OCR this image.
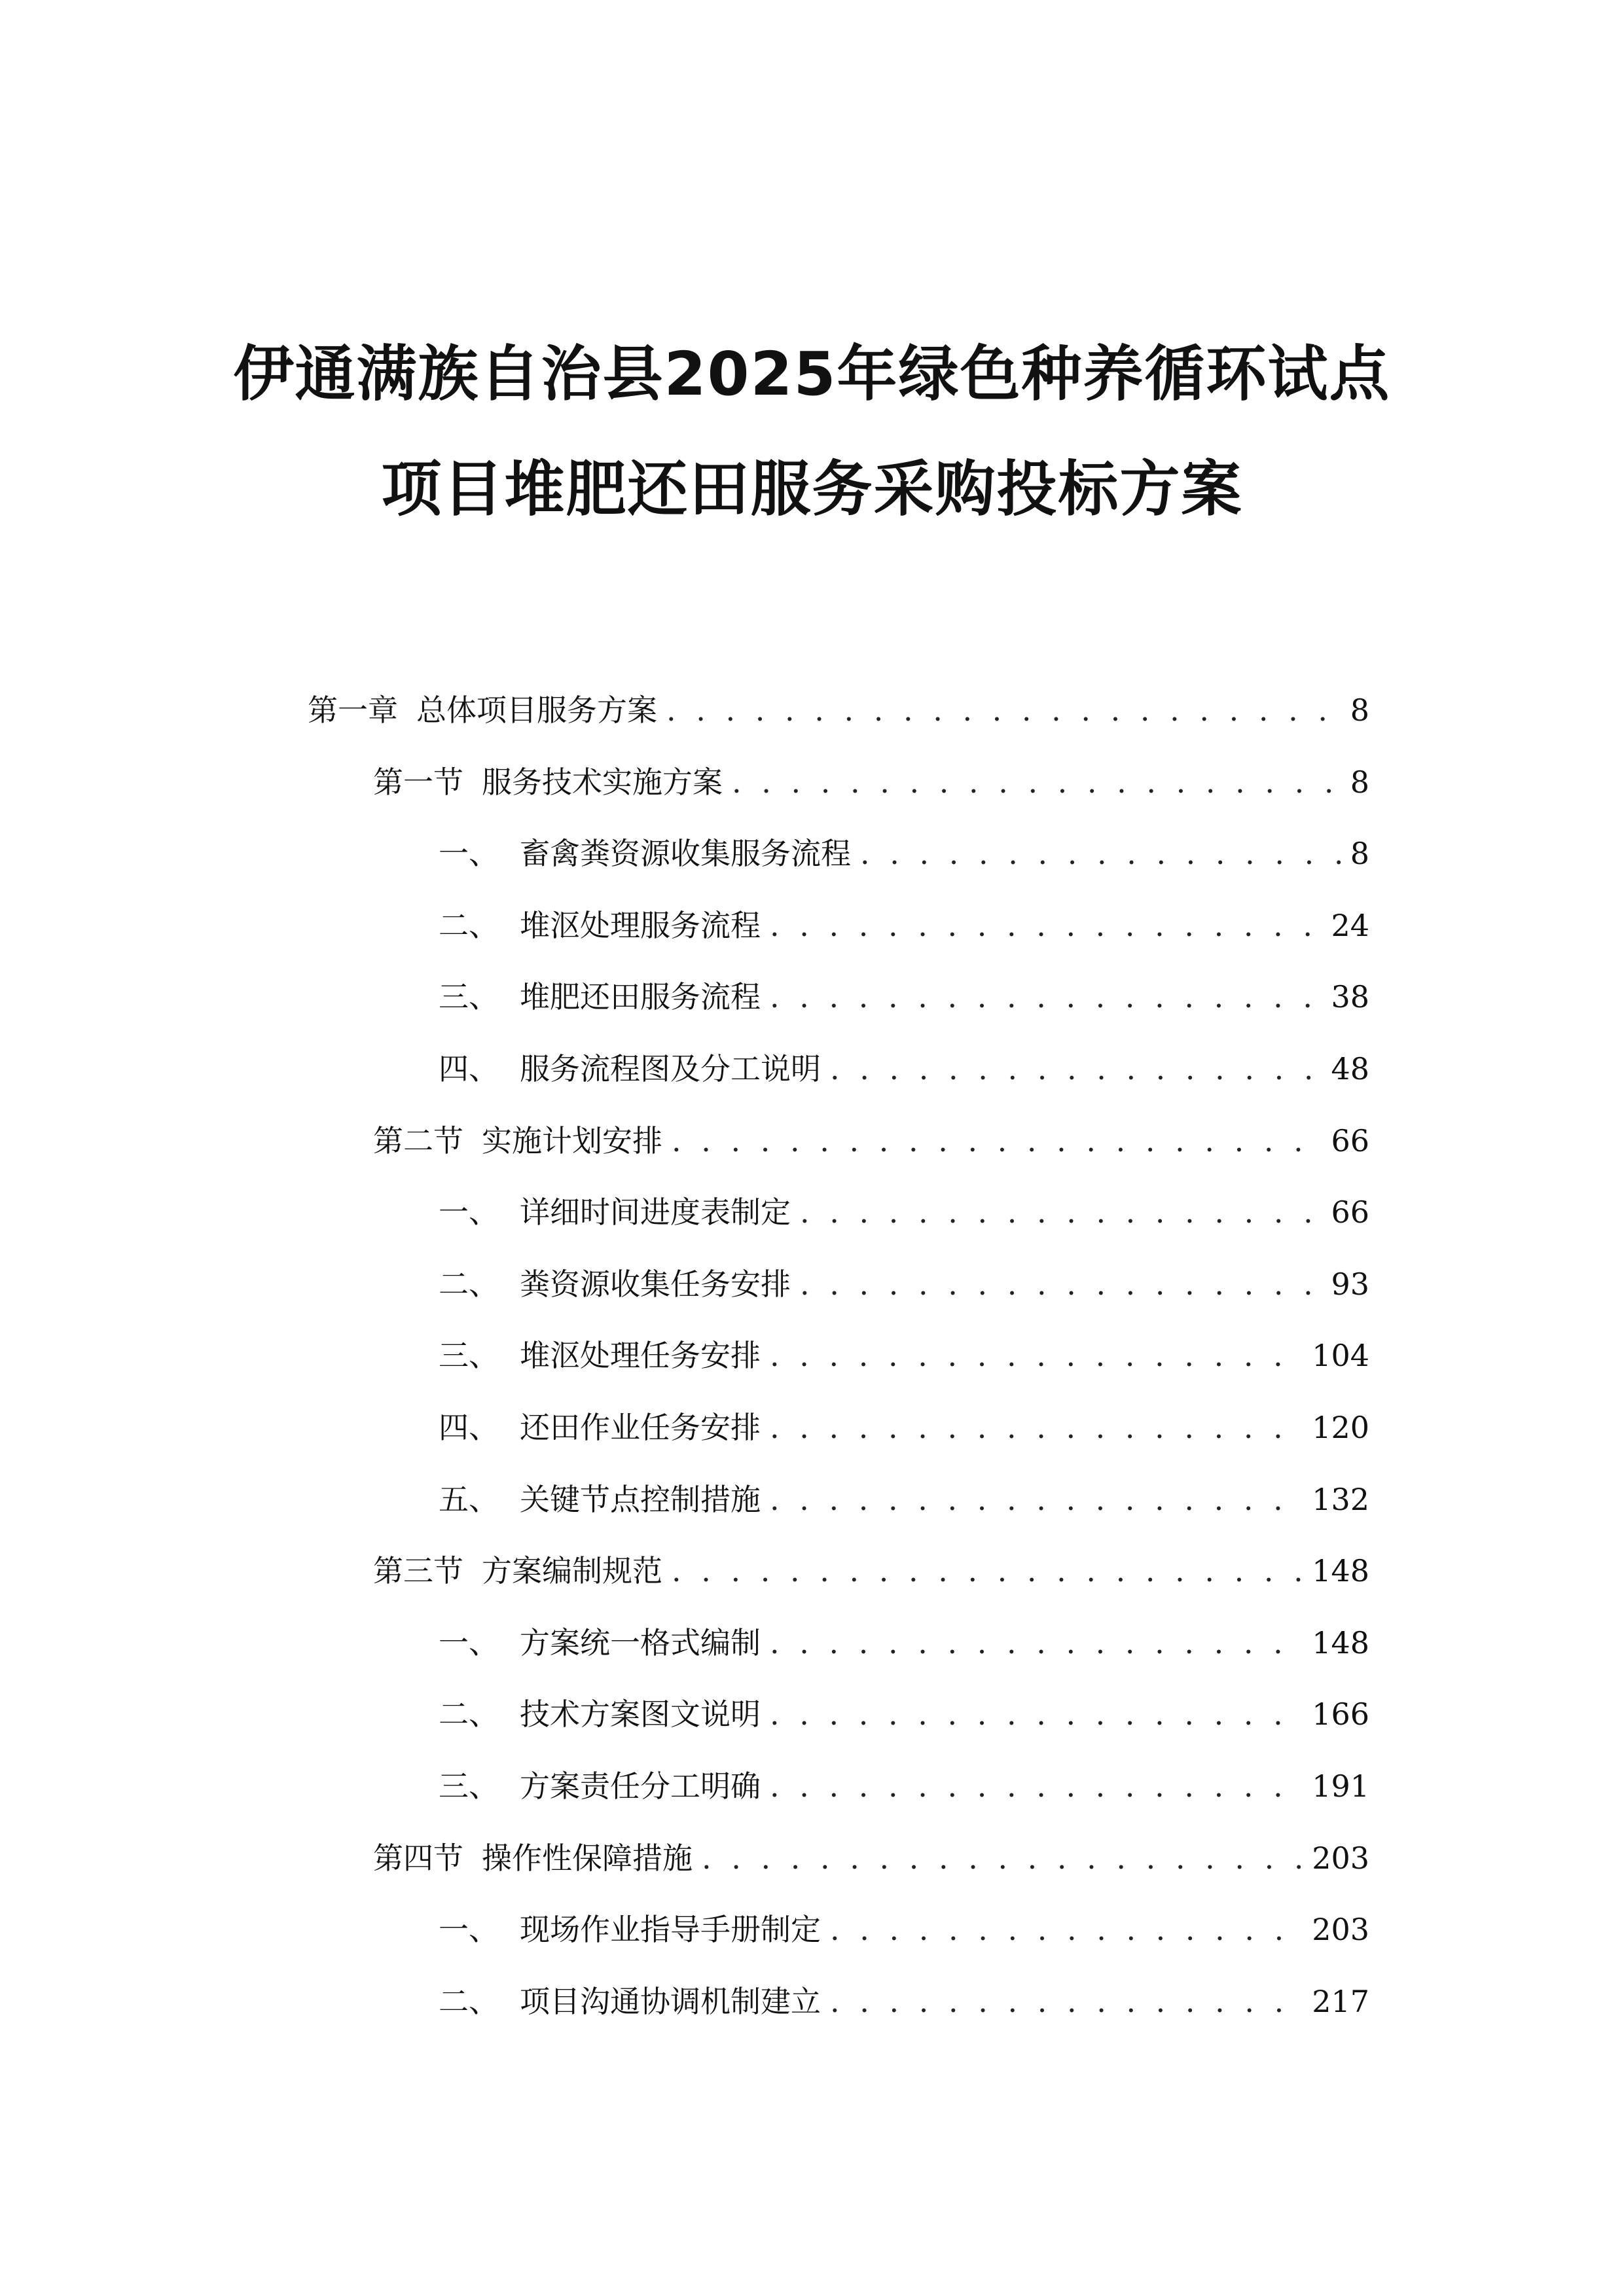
伊通满族自治县2025年绿色种养循环试点
项目堆肥还田服务采购投标方案
第一章 总体项目服务方案 . . .	8
第一节 服务技术实施方案 . . .	8
一、 畜禽粪资源收集服务流程 . . .	8
二、 堆沤处理服务流程 . . .	24
三、 堆肥还田服务流程 . . .	38
四、 服务流程图及分工说明 . . .	48
第二节 实施计划安排 . . .	66
一、 详细时间进度表制定 . . .	66
二、 粪资源收集任务安排 . . .	93
三、 堆沤处理任务安排 . . .	104
四、 还田作业任务安排 . . .	120
五、 关键节点控制措施 . . .	132
第三节 方案编制规范 . . .	148
一、 方案统一格式编制 . . .	148
二、 技术方案图文说明 . . .	166
三、 方案责任分工明确 . . .	191
第四节 操作性保障措施 . . .	203
一、 现场作业指导手册制定 . . .	203
二、 项目沟通协调机制建立 . . .	217
